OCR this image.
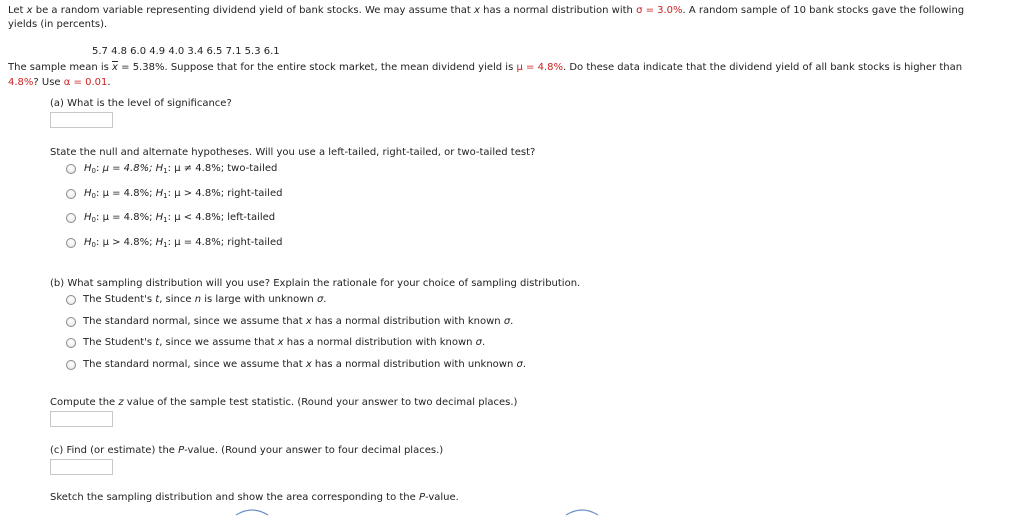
Let x be a random variable representing dividend yield of bank stocks. We may assume that x has a normal distribution with σ = 3.0%. A random sample of 10 bank stocks gave the following
yields (in percents).
5.7 4.8 6.0 4.9 4.0 3.4 6.5 7.1 5.3 6.1
The sample mean is $\overline{x} = 5.38\%$. Suppose that for the entire stock market, the mean dividend yield is μ = 4.8%. Do these data indicate that the dividend yield of all bank stocks is higher than
4.8%? Use α = 0.01.
(a) What is the level of significance?
State the null and alternate hypotheses. Will you use a left-tailed, right-tailed, or two-tailed test?
$H_0$: μ = 4.8%; $H_1$: μ ≠ 4.8%; two-tailed
$H_0$: μ = 4.8%; $H_1$: μ > 4.8%; right-tailed
$H_0$: μ = 4.8%; $H_1$: μ < 4.8%; left-tailed
$H_0$: μ > 4.8%; $H_1$: μ = 4.8%; right-tailed
(b) What sampling distribution will you use? Explain the rationale for your choice of sampling distribution.
The Student's t, since n is large with unknown σ.
The standard normal, since we assume that x has a normal distribution with known σ.
The Student's t, since we assume that x has a normal distribution with known σ.
The standard normal, since we assume that x has a normal distribution with unknown σ.
Compute the z value of the sample test statistic. (Round your answer to two decimal places.)
(c) Find (or estimate) the P-value. (Round your answer to four decimal places.)
Sketch the sampling distribution and show the area corresponding to the P-value.
